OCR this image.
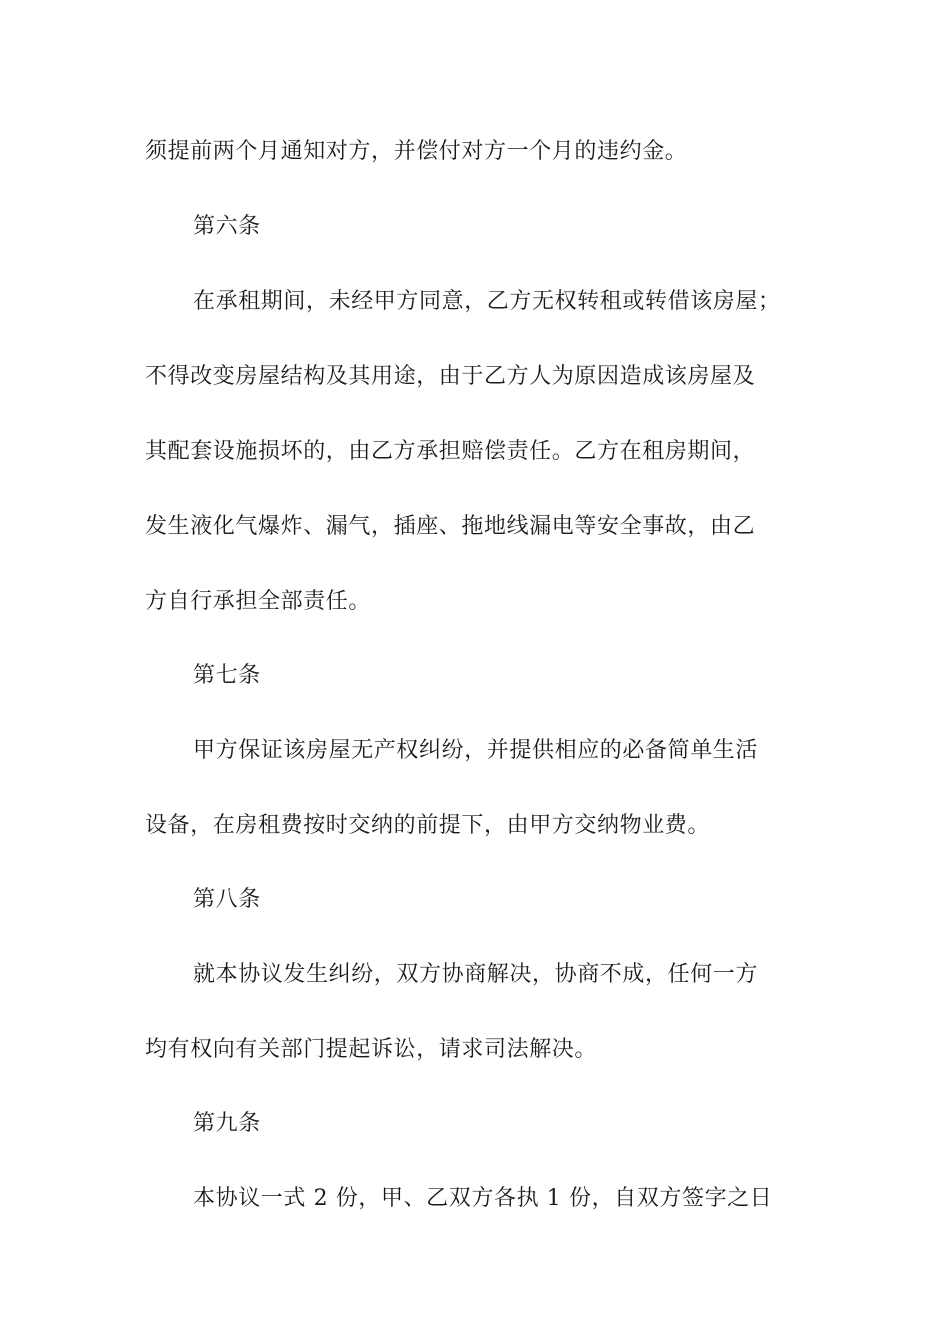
须提前两个月通知对方，并偿付对方一个月的违约金。
第六条
在承租期间，未经甲方同意，乙方无权转租或转借该房屋；
不得改变房屋结构及其用途，由于乙方人为原因造成该房屋及
其配套设施损坏的，由乙方承担赔偿责任。乙方在租房期间，
发生液化气爆炸、漏气，插座、拖地线漏电等安全事故，由乙
方自行承担全部责任。
第七条
甲方保证该房屋无产权纠纷，并提供相应的必备简单生活
设备，在房租费按时交纳的前提下，由甲方交纳物业费。
第八条
就本协议发生纠纷，双方协商解决，协商不成，任何一方
均有权向有关部门提起诉讼，请求司法解决。
第九条
本协议一式 2 份，甲、乙双方各执 1 份，自双方签字之日
